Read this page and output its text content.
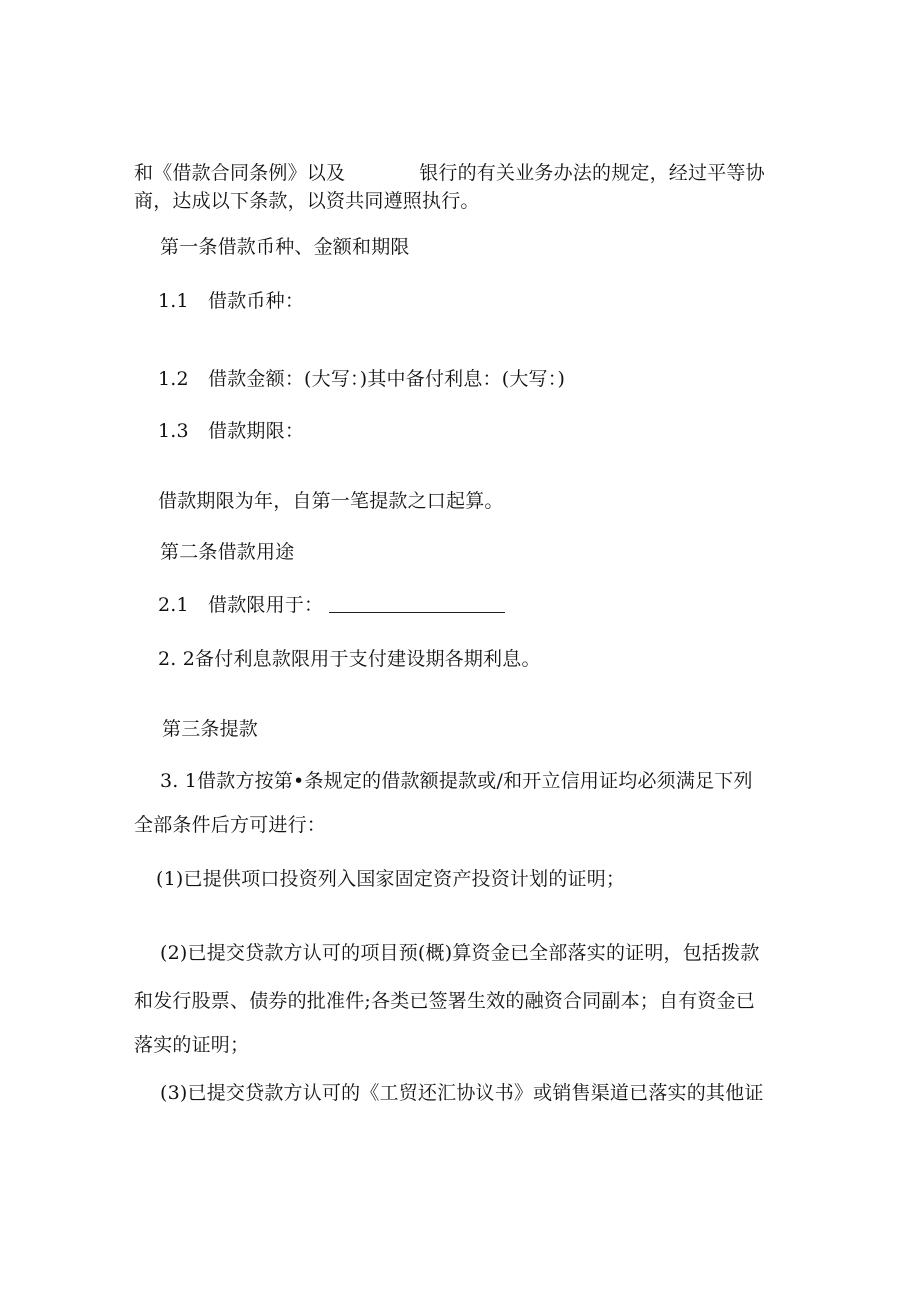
和《借款合同条例》以及	银行的有关业务办法的规定，经过平等协
商，达成以下条款，以资共同遵照执行。
第一条借款币种、金额和期限
1.1　借款币种：
1.2　借款金额：(大写：)其中备付利息：(大写：)
1.3　借款期限：
借款期限为年，自第一笔提款之口起算。
第二条借款用途
2.1　借款限用于：
2. 2备付利息款限用于支付建设期各期利息。
第三条提款
3. 1借款方按第•条规定的借款额提款或/和开立信用证均必须满足下列
全部条件后方可进行：
(1)已提供项口投资列入国家固定资产投资计划的证明；
(2)已提交贷款方认可的项目预(概)算资金已全部落实的证明，包括拨款
和发行股票、债券的批准件;各类已签署生效的融资合同副本；自有资金已
落实的证明；
(3)已提交贷款方认可的《工贸还汇协议书》或销售渠道已落实的其他证
